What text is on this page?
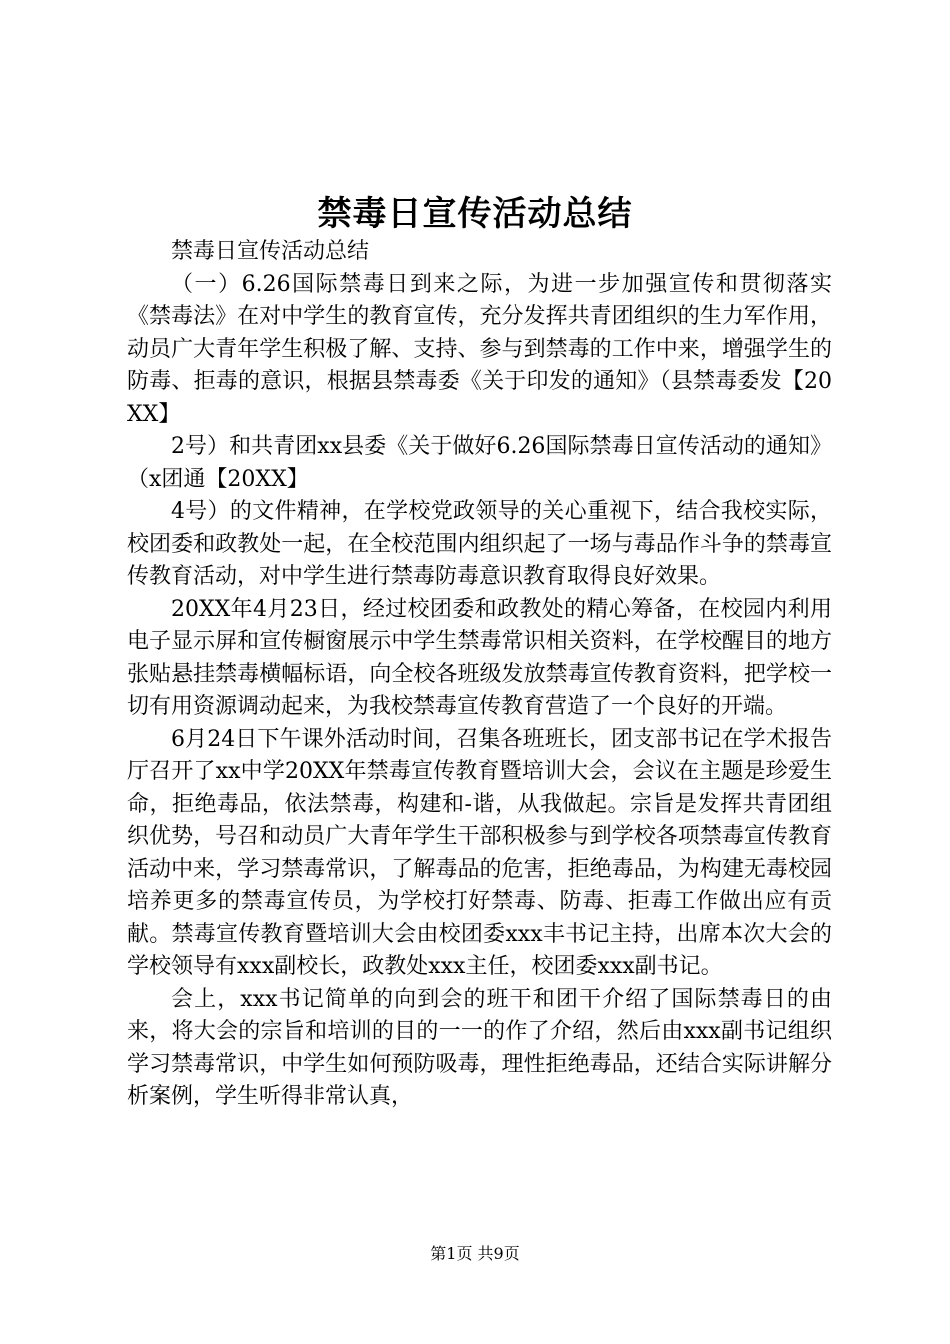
禁毒日宣传活动总结

禁毒日宣传活动总结

（一）6.26国际禁毒日到来之际，为进一步加强宣传和贯彻落实《禁毒法》在对中学生的教育宣传，充分发挥共青团组织的生力军作用，动员广大青年学生积极了解、支持、参与到禁毒的工作中来，增强学生的防毒、拒毒的意识，根据县禁毒委《关于印发的通知》（县禁毒委发【20XX】

2号）和共青团xx县委《关于做好6.26国际禁毒日宣传活动的通知》（x团通【20XX】

4号）的文件精神，在学校党政领导的关心重视下，结合我校实际，校团委和政教处一起，在全校范围内组织起了一场与毒品作斗争的禁毒宣传教育活动，对中学生进行禁毒防毒意识教育取得良好效果。

20XX年4月23日，经过校团委和政教处的精心筹备，在校园内利用电子显示屏和宣传橱窗展示中学生禁毒常识相关资料，在学校醒目的地方张贴悬挂禁毒横幅标语，向全校各班级发放禁毒宣传教育资料，把学校一切有用资源调动起来，为我校禁毒宣传教育营造了一个良好的开端。

6月24日下午课外活动时间，召集各班班长，团支部书记在学术报告厅召开了xx中学20XX年禁毒宣传教育暨培训大会，会议在主题是珍爱生命，拒绝毒品，依法禁毒，构建和-谐，从我做起。宗旨是发挥共青团组织优势，号召和动员广大青年学生干部积极参与到学校各项禁毒宣传教育活动中来，学习禁毒常识，了解毒品的危害，拒绝毒品，为构建无毒校园培养更多的禁毒宣传员，为学校打好禁毒、防毒、拒毒工作做出应有贡献。禁毒宣传教育暨培训大会由校团委xxx丰书记主持，出席本次大会的学校领导有xxx副校长，政教处xxx主任，校团委xxx副书记。

会上，xxx书记简单的向到会的班干和团干介绍了国际禁毒日的由来，将大会的宗旨和培训的目的一一的作了介绍，然后由xxx副书记组织学习禁毒常识，中学生如何预防吸毒，理性拒绝毒品，还结合实际讲解分析案例，学生听得非常认真，

第1页 共9页
